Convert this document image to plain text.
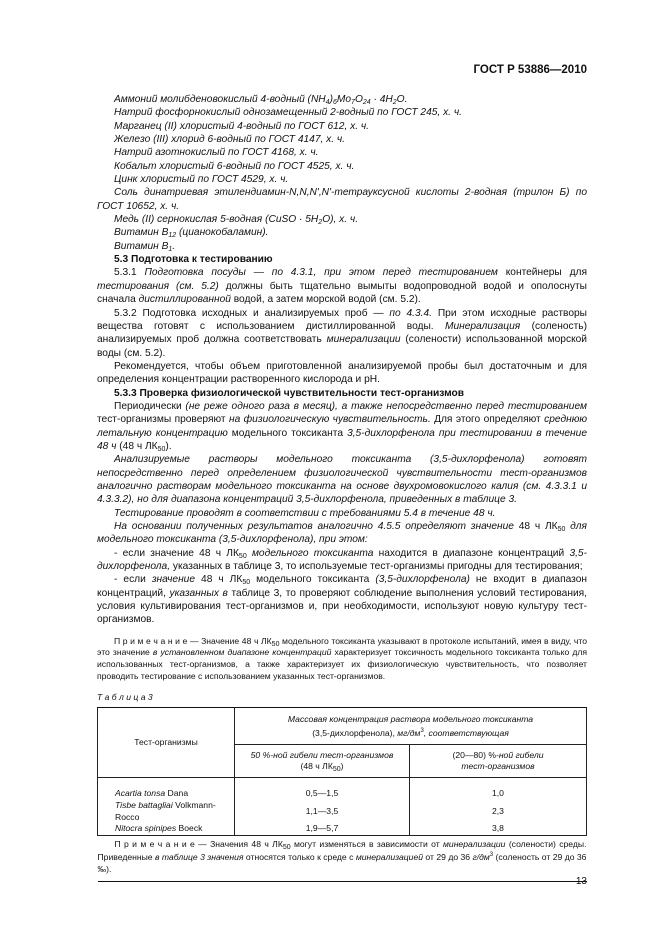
ГОСТ Р 53886—2010

Аммоний молибденовокислый 4-водный $(NH_4)_6Mo_7O_{24} \cdot 4H_2O$.

Натрий фосфорнокислый однозамещенный 2-водный по ГОСТ 245, х. ч.

Марганец (II) хлористый 4-водный по ГОСТ 612, х. ч.

Железо (III) хлорид 6-водный по ГОСТ 4147, х. ч.

Натрий азотнокислый по ГОСТ 4168, х. ч.

Кобальт хлористый 6-водный по ГОСТ 4525, х. ч.

Цинк хлористый по ГОСТ 4529, х. ч.

Соль динатриевая этилендиамин-N,N,N',N'-тетрауксусной кислоты 2-водная (трилон Б) по ГОСТ 10652, х. ч.

Медь (II) сернокислая 5-водная (CuSO · $5H_2O$), х. ч.

Витамин $B_{12}$ (цианокобаламин).

Витамин $B_1$.

5.3 Подготовка к тестированию

5.3.1 Подготовка посуды — по 4.3.1, при этом перед тестированием контейнеры для тестирования (см. 5.2) должны быть тщательно вымыты водопроводной водой и ополоснуты сначала дистиллированной водой, а затем морской водой (см. 5.2).

5.3.2 Подготовка исходных и анализируемых проб — по 4.3.4. При этом исходные растворы вещества готовят с использованием дистиллированной воды. Минерализация (соленость) анализируемых проб должна соответствовать минерализации (солености) использованной морской воды (см. 5.2).

Рекомендуется, чтобы объем приготовленной анализируемой пробы был достаточным и для определения концентрации растворенного кислорода и pH.

5.3.3 Проверка физиологической чувствительности тест-организмов

Периодически (не реже одного раза в месяц), а также непосредственно перед тестированием тест-организмы проверяют на физиологическую чувствительность. Для этого определяют среднюю летальную концентрацию модельного токсиканта 3,5-дихлорфенола при тестировании в течение 48 ч (48 ч $ЛК_{50}$).

Анализируемые растворы модельного токсиканта (3,5-дихлорфенола) готовят непосредственно перед определением физиологической чувствительности тест-организмов аналогично растворам модельного токсиканта на основе двухромовокислого калия (см. 4.3.3.1 и 4.3.3.2), но для диапазона концентраций 3,5-дихлорфенола, приведенных в таблице 3.

Тестирование проводят в соответствии с требованиями 5.4 в течение 48 ч.

На основании полученных результатов аналогично 4.5.5 определяют значение 48 ч $ЛК_{50}$ для модельного токсиканта (3,5-дихлорфенола), при этом:

- если значение 48 ч $ЛК_{50}$ модельного токсиканта находится в диапазоне концентраций 3,5-дихлорфенола, указанных в таблице 3, то используемые тест-организмы пригодны для тестирования;

- если значение 48 ч $ЛК_{50}$ модельного токсиканта (3,5-дихлорфенола) не входит в диапазон концентраций, указанных в таблице 3, то проверяют соблюдение выполнения условий тестирования, условия культивирования тест-организмов и, при необходимости, используют новую культуру тест-организмов.

П р и м е ч а н и е — Значение 48 ч $ЛК_{50}$ модельного токсиканта указывают в протоколе испытаний, имея в виду, что это значение в установленном диапазоне концентраций характеризует токсичность модельного токсиканта только для использованных тест-организмов, а также характеризует их физиологическую чувствительность, что позволяет проводить тестирование с использованием указанных тест-организмов.

Т а б л и ц а 3

Тест-организмы	Массовая концентрация раствора модельного токсиканта
(3,5-дихлорфенола), $мг/дм^3$, соответствующая	
	50 %-ной гибели тест-организмов
(48 ч $ЛК_{50}$)	(20—80) %-ной гибели
тест-организмов
Acartia tonsa Dana	0,5—1,5	1,0
Tisbe battagliai Volkmann-Rocco	1,1—3,5	2,3
Nitocra spinipes Boeck	1,9—5,7	3,8

П р и м е ч а н и е — Значения 48 ч $ЛК_{50}$ могут изменяться в зависимости от минерализации (солености) среды. Приведенные в таблице 3 значения относятся только к среде с минерализацией от 29 до 36 $г/дм^3$ (соленость от 29 до 36 ‰).		

13
